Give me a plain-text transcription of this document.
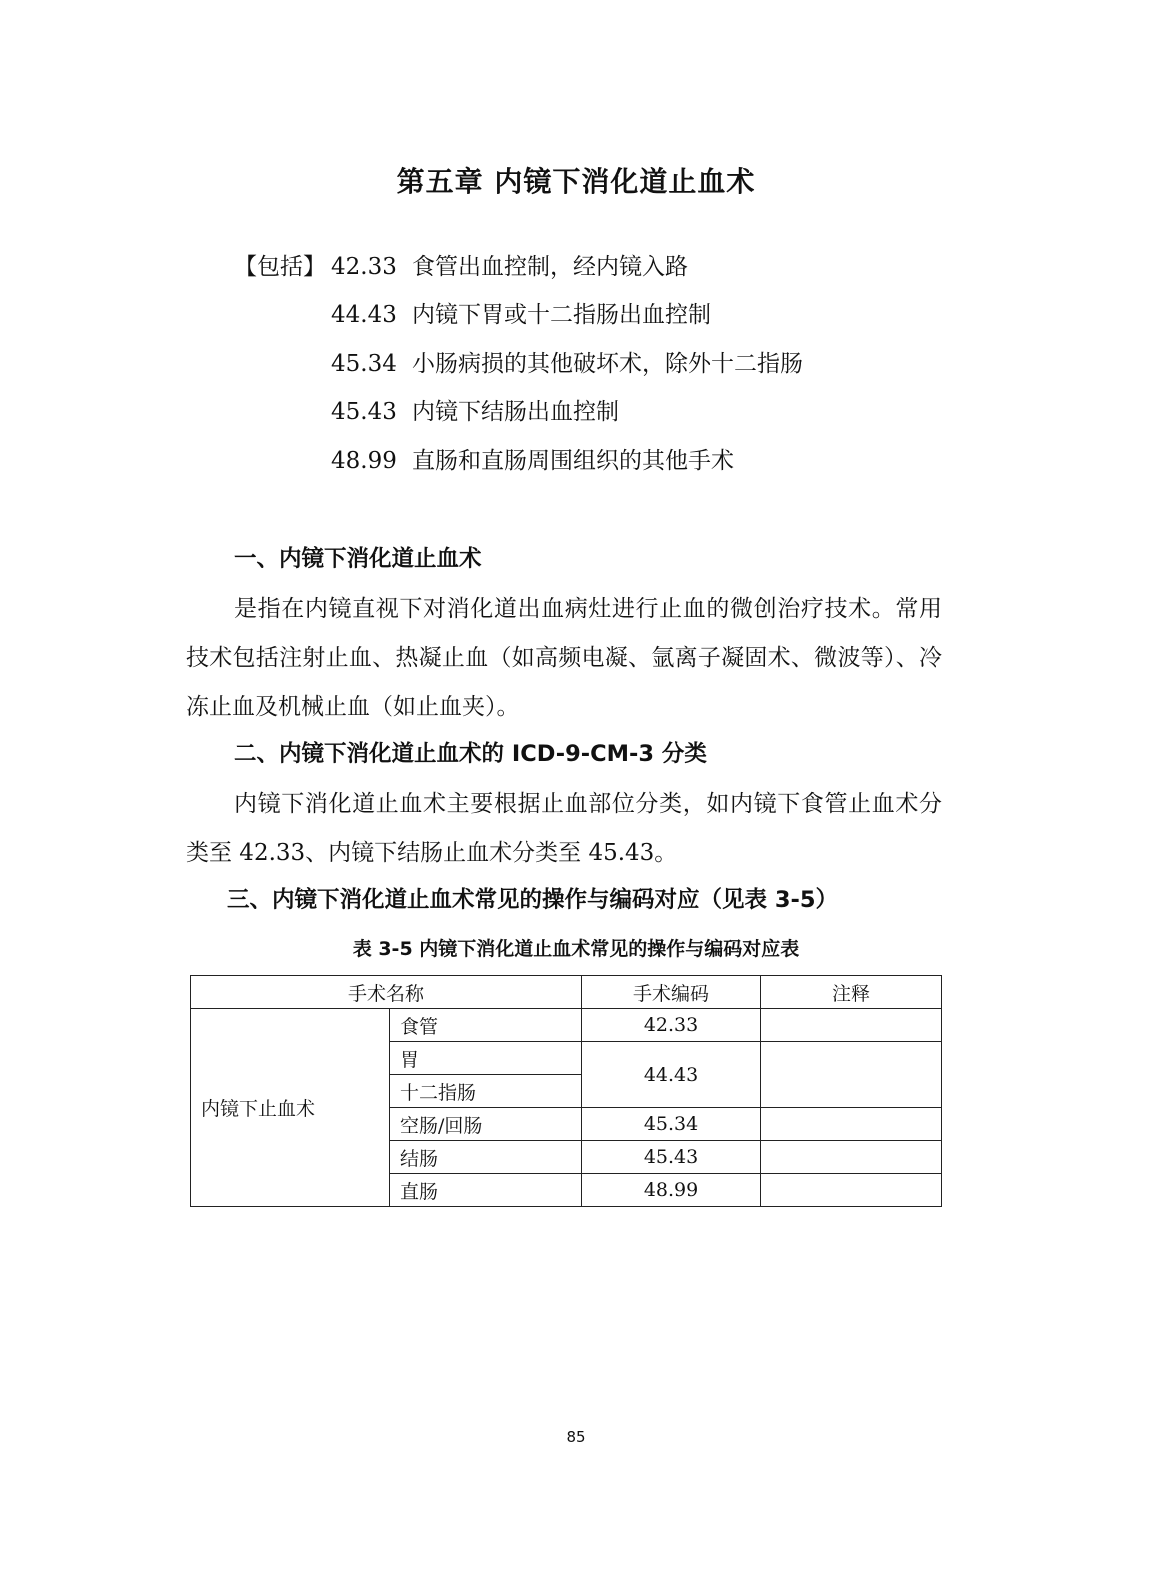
第五章 内镜下消化道止血术
【包括】 42.33 食管出血控制，经内镜入路
44.43 内镜下胃或十二指肠出血控制
45.34 小肠病损的其他破坏术，除外十二指肠
45.43 内镜下结肠出血控制
48.99 直肠和直肠周围组织的其他手术
一、内镜下消化道止血术
是指在内镜直视下对消化道出血病灶进行止血的微创治疗技术。常用技术包括注射止血、热凝止血（如高频电凝、氩离子凝固术、微波等）、冷冻止血及机械止血（如止血夹）。
二、内镜下消化道止血术的 ICD-9-CM-3 分类
内镜下消化道止血术主要根据止血部位分类，如内镜下食管止血术分类至 42.33、内镜下结肠止血术分类至 45.43。
三、内镜下消化道止血术常见的操作与编码对应（见表 3-5）
表 3-5 内镜下消化道止血术常见的操作与编码对应表
手术名称		手术编码	注释
内镜下止血术	食管	42.33	
	胃	44.43	
	十二指肠		
	空肠/回肠	45.34	
	结肠	45.43	
	直肠	48.99	
85
